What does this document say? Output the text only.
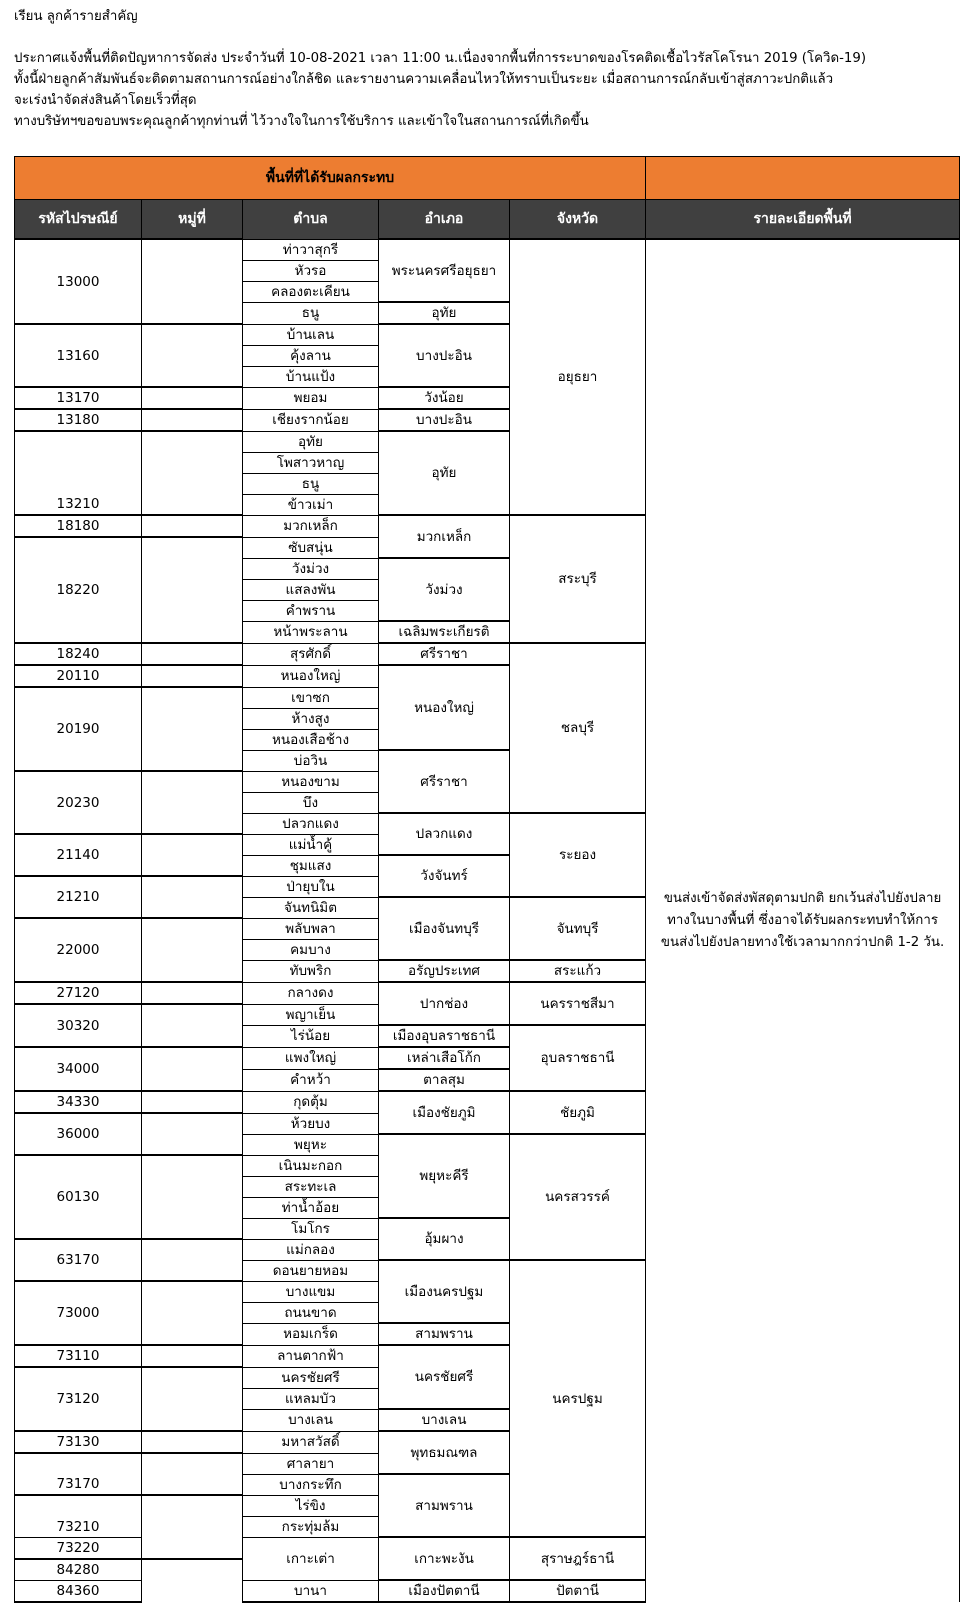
เรียน ลูกค้ารายสำคัญ

ประกาศแจ้งพื้นที่ติดปัญหาการจัดส่ง ประจำวันที่ 10-08-2021 เวลา 11:00 น.เนื่องจากพื้นที่การระบาดของโรคติดเชื้อไวรัสโคโรนา 2019 (โควิด-19)

ทั้งนี้ฝ่ายลูกค้าสัมพันธ์จะติดตามสถานการณ์อย่างใกล้ชิด และรายงานความเคลื่อนไหวให้ทราบเป็นระยะ เมื่อสถานการณ์กลับเข้าสู่สภาวะปกติแล้ว

จะเร่งนำจัดส่งสินค้าโดยเร็วที่สุด

ทางบริษัทฯขอขอบพระคุณลูกค้าทุกท่านที่ ไว้วางใจในการใช้บริการ และเข้าใจในสถานการณ์ที่เกิดขึ้น

พื้นที่ที่ได้รับผลกระทบ					
รหัสไปรษณีย์	หมู่ที่	ตำบล	อำเภอ	จังหวัด	รายละเอียดพื้นที่
13000		ท่าวาสุกรี	พระนครศรีอยุธยา	อยุธยา	ขนส่งเข้าจัดส่งพัสดุตามปกติ ยกเว้นส่งไปยังปลายทางในบางพื้นที่ ซึ่งอาจได้รับผลกระทบทำให้การขนส่งไปยังปลายทางใช้เวลามากกว่าปกติ 1-2 วัน.
		หัวรอ			
		คลองตะเคียน			
		ธนู	อุทัย		
13160		บ้านเลน	บางปะอิน		
		คุ้งลาน			
		บ้านแป้ง			
13170		พยอม	วังน้อย		
13180		เชียงรากน้อย	บางปะอิน		
13210		อุทัย	อุทัย		
		โพสาวหาญ			
		ธนู			
		ข้าวเม่า			
18180		มวกเหล็ก	มวกเหล็ก	สระบุรี	
18220		ซับสนุ่น			
		วังม่วง	วังม่วง		
		แสลงพัน			
		คำพราน			
		หน้าพระลาน	เฉลิมพระเกียรติ		
18240		สุรศักดิ์	ศรีราชา	ชลบุรี	
20110		หนองใหญ่	หนองใหญ่		
20190		เขาซก			
		ห้างสูง			
		หนองเสือช้าง			
		บ่อวิน	ศรีราชา		
20230		หนองขาม			
		บึง			
		ปลวกแดง	ปลวกแดง	ระยอง	
21140		แม่น้ำคู้			
		ชุมแสง	วังจันทร์		
21210		ป่ายุบใน			
		จันทนิมิต	เมืองจันทบุรี	จันทบุรี	
22000		พลับพลา			
		คมบาง			
		ทับพริก	อรัญประเทศ	สระแก้ว	
27120		กลางดง	ปากช่อง	นครราชสีมา	
30320		พญาเย็น			
		ไร่น้อย	เมืองอุบลราชธานี	อุบลราชธานี	
34000		แพงใหญ่	เหล่าเสือโก้ก		
		คำหว้า	ตาลสุม		
34330		กุดตุ้ม	เมืองชัยภูมิ	ชัยภูมิ	
36000		ห้วยบง			
		พยุหะ	พยุหะคีรี	นครสวรรค์	
60130		เนินมะกอก			
		สระทะเล			
		ท่าน้ำอ้อย			
		โมโกร	อุ้มผาง		
63170		แม่กลอง			
		ดอนยายหอม	เมืองนครปฐม	นครปฐม	
73000		บางแขม			
		ถนนขาด			
		หอมเกร็ด	สามพราน		
73110		ลานตากฟ้า	นครชัยศรี		
73120		นครชัยศรี			
		แหลมบัว			
		บางเลน	บางเลน		
73130		มหาสวัสดิ์	พุทธมณฑล		
73170		ศาลายา			
		บางกระทึก	สามพราน		
73210		ไร่ขิง			
		กระทุ่มล้ม			
73220		เกาะเต่า	เกาะพะงัน	สุราษฎร์ธานี	
84280					
84360		บานา	เมืองปัตตานี	ปัตตานี	
